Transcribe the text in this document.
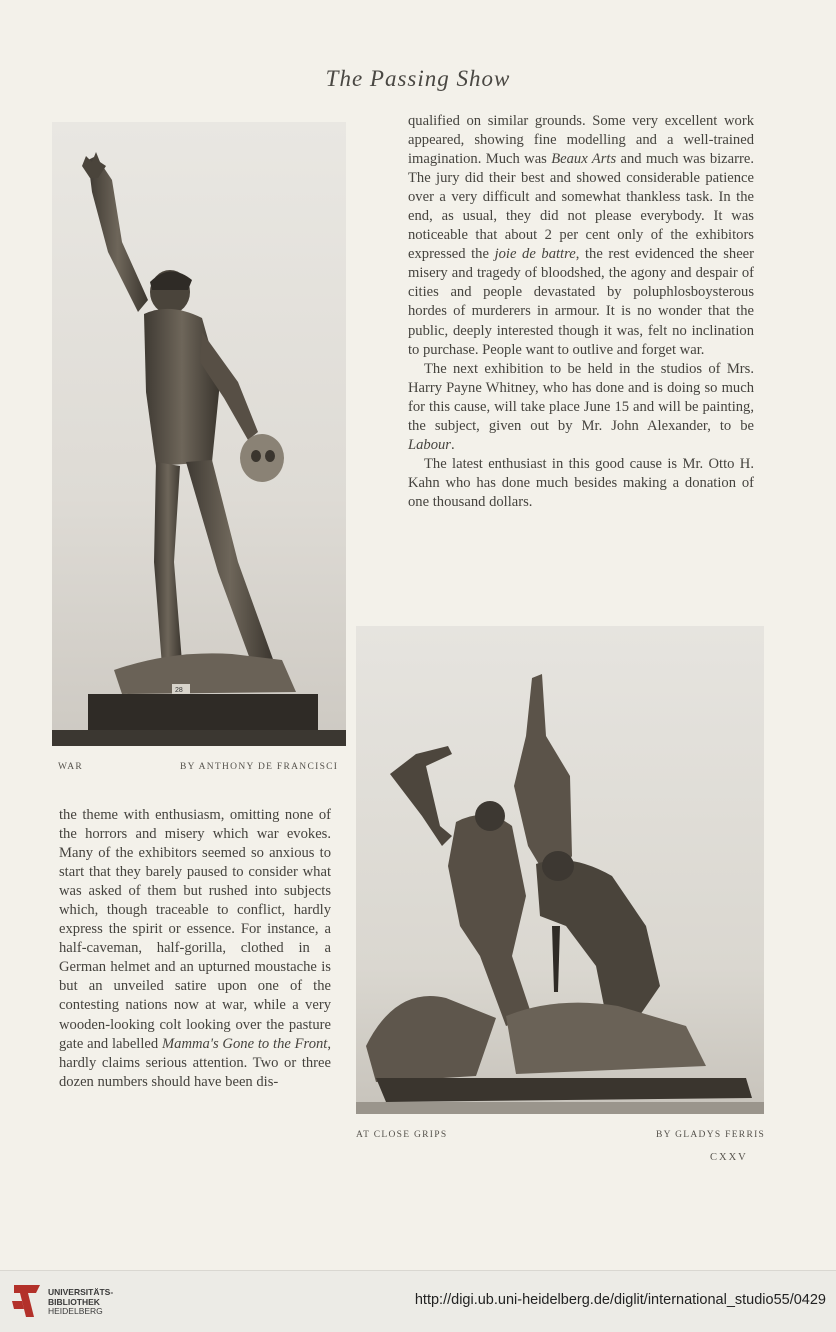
The Passing Show
28
WAR	BY ANTHONY DE FRANCISCI
AT CLOSE GRIPS	BY GLADYS FERRIS

qualified on similar grounds. Some very excellent work appeared, showing fine modelling and a well-trained imagination. Much was Beaux Arts and much was bizarre. The jury did their best and showed considerable patience over a very difficult and somewhat thankless task. In the end, as usual, they did not please everybody. It was noticeable that about 2 per cent only of the exhibitors expressed the joie de battre, the rest evidenced the sheer misery and tragedy of bloodshed, the agony and despair of cities and people devastated by poluphlosboysterous hordes of murderers in armour. It is no wonder that the public, deeply interested though it was, felt no inclination to purchase. People want to outlive and forget war.

The next exhibition to be held in the studios of Mrs. Harry Payne Whitney, who has done and is doing so much for this cause, will take place June 15 and will be painting, the subject, given out by Mr. John Alexander, to be Labour.

The latest enthusiast in this good cause is Mr. Otto H. Kahn who has done much besides making a donation of one thousand dollars.

the theme with enthusiasm, omitting none of the horrors and misery which war evokes. Many of the exhibitors seemed so anxious to start that they barely paused to consider what was asked of them but rushed into subjects which, though traceable to conflict, hardly express the spirit or essence. For instance, a half-caveman, half-gorilla, clothed in a German helmet and an upturned moustache is but an unveiled satire upon one of the contesting nations now at war, while a very wooden-looking colt looking over the pasture gate and labelled Mamma's Gone to the Front, hardly claims serious attention. Two or three dozen numbers should have been dis-

CXXV
UNIVERSITÄTS-
BIBLIOTHEK
HEIDELBERG
http://digi.ub.uni-heidelberg.de/diglit/international_studio55/0429
